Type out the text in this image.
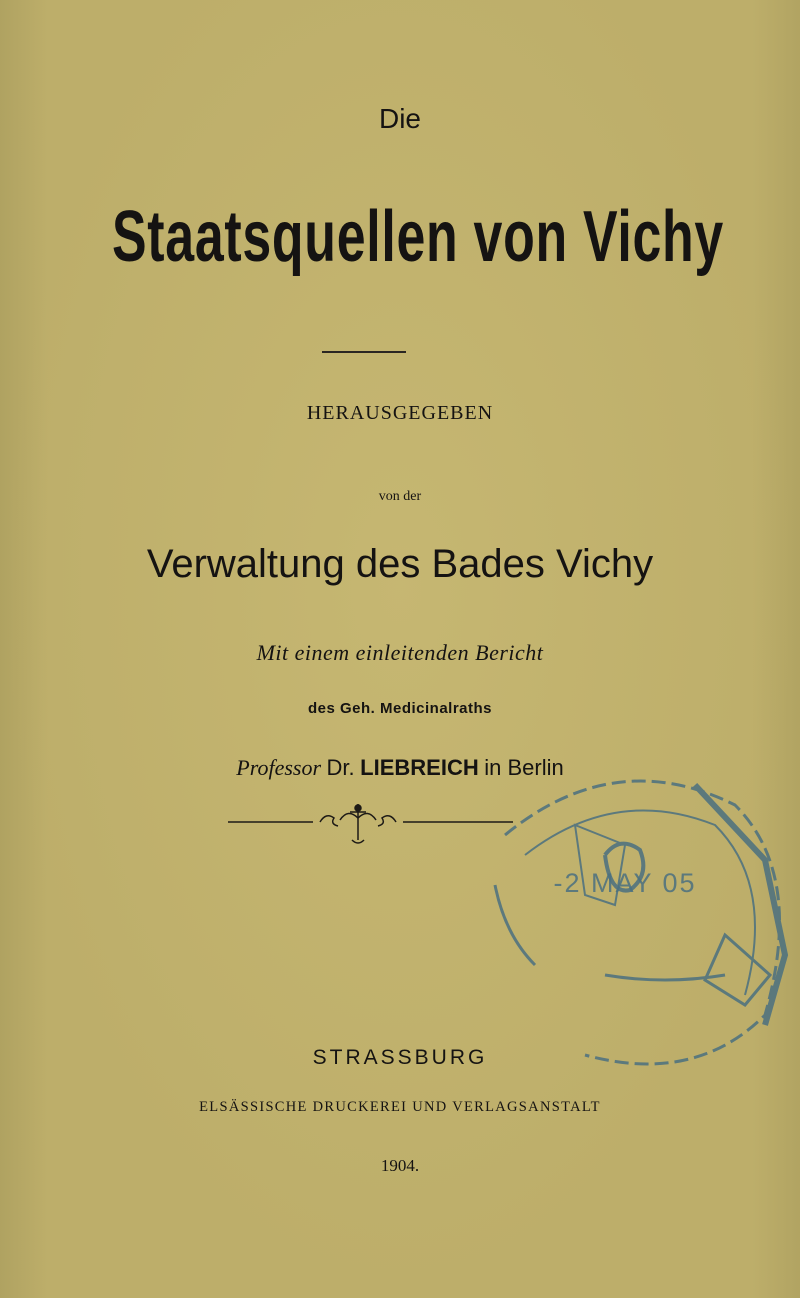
Die
Staatsquellen von Vichy
HERAUSGEGEBEN
von der
Verwaltung des Bades Vichy
Mit einem einleitenden Bericht
des Geh. Medicinalraths
Professor Dr. LIEBREICH in Berlin
-2 MAY 05
STRASSBURG
ELSÄSSISCHE DRUCKEREI UND VERLAGSANSTALT
1904.
